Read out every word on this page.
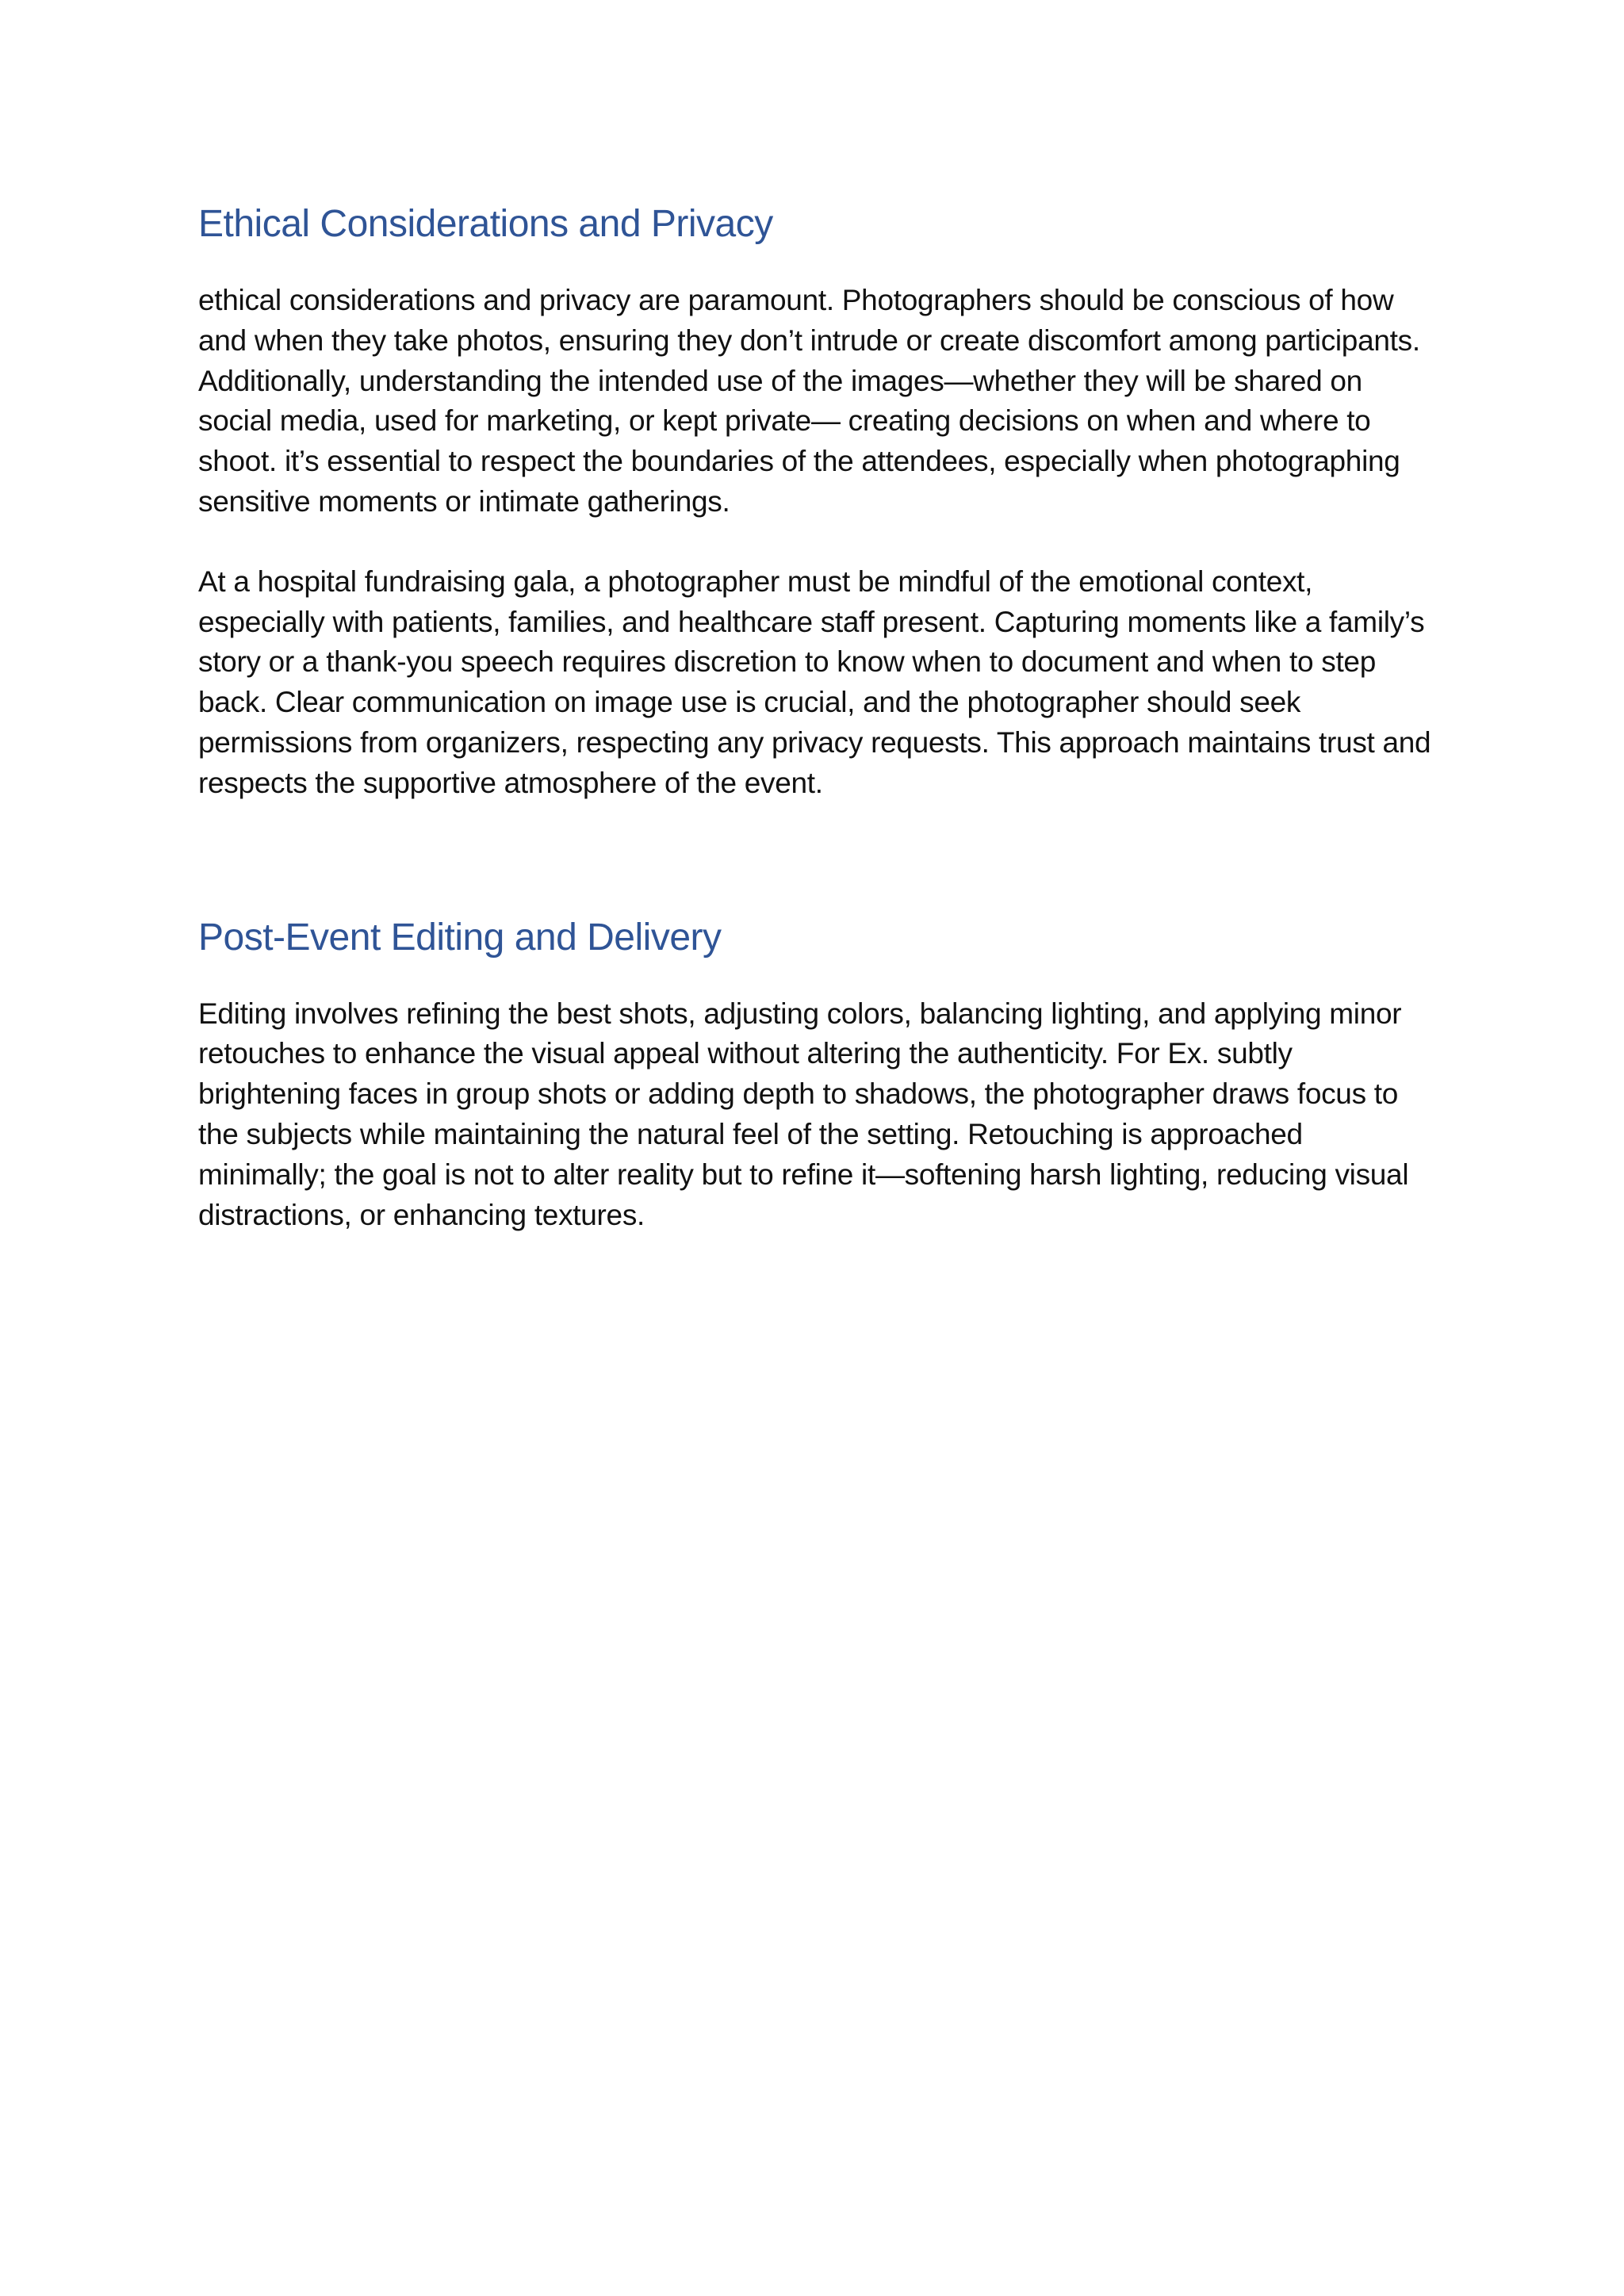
Ethical Considerations and Privacy

ethical considerations and privacy are paramount. Photographers should be conscious of how and when they take photos, ensuring they don’t intrude or create discomfort among participants. Additionally, understanding the intended use of the images—whether they will be shared on social media, used for marketing, or kept private— creating decisions on when and where to shoot. it’s essential to respect the boundaries of the attendees, especially when photographing sensitive moments or intimate gatherings.

At a hospital fundraising gala, a photographer must be mindful of the emotional context, especially with patients, families, and healthcare staff present. Capturing moments like a family’s story or a thank-you speech requires discretion to know when to document and when to step back. Clear communication on image use is crucial, and the photographer should seek permissions from organizers, respecting any privacy requests. This approach maintains trust and respects the supportive atmosphere of the event.

Post-Event Editing and Delivery

Editing involves refining the best shots, adjusting colors, balancing lighting, and applying minor retouches to enhance the visual appeal without altering the authenticity. For Ex. subtly brightening faces in group shots or adding depth to shadows, the photographer draws focus to the subjects while maintaining the natural feel of the setting. Retouching is approached minimally; the goal is not to alter reality but to refine it—softening harsh lighting, reducing visual distractions, or enhancing textures.
